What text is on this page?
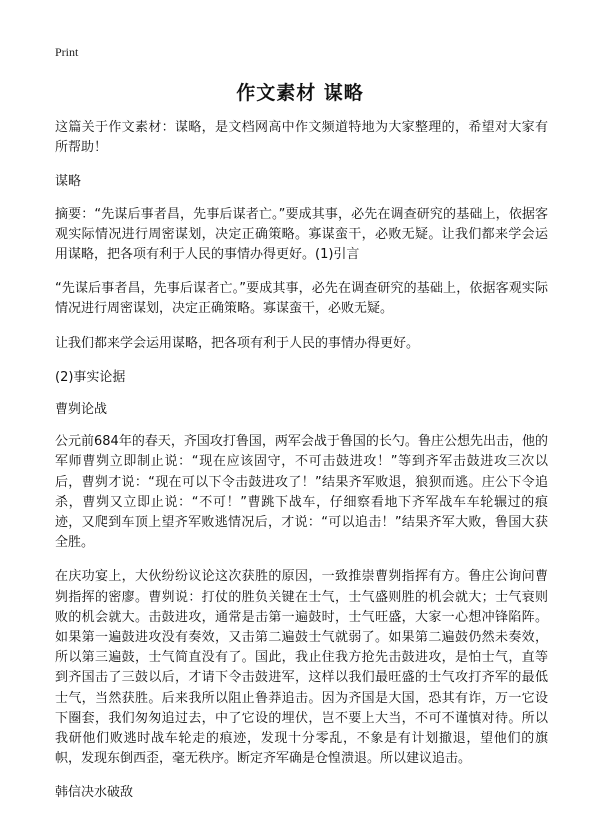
Print
作文素材 谋略

这篇关于作文素材：谋略，是文档网高中作文频道特地为大家整理的，希望对大家有所帮助！

谋略

摘要：“先谋后事者昌，先事后谋者亡。”要成其事，必先在调查研究的基础上，依据客观实际情况进行周密谋划，决定正确策略。寡谋蛮干，必败无疑。让我们都来学会运用谋略，把各项有利于人民的事情办得更好。(1)引言

“先谋后事者昌，先事后谋者亡。”要成其事，必先在调查研究的基础上，依据客观实际情况进行周密谋划，决定正确策略。寡谋蛮干，必败无疑。

让我们都来学会运用谋略，把各项有利于人民的事情办得更好。

(2)事实论据

曹刿论战

公元前684年的春天，齐国攻打鲁国，两军会战于鲁国的长勺。鲁庄公想先出击，他的军师曹刿立即制止说：“现在应该固守，不可击鼓进攻！”等到齐军击鼓进攻三次以后，曹刿才说：“现在可以下令击鼓进攻了！”结果齐军败退，狼狈而逃。庄公下令追杀，曹刿又立即止说：“不可！”曹跳下战车，仔细察看地下齐军战车车轮辗过的痕迹，又爬到车顶上望齐军败逃情况后，才说：“可以追击！”结果齐军大败，鲁国大获全胜。

在庆功宴上，大伙纷纷议论这次获胜的原因，一致推崇曹刿指挥有方。鲁庄公询问曹刿指挥的密廖。曹刿说：打仗的胜负关键在士气，士气盛则胜的机会就大；士气衰则败的机会就大。击鼓进攻，通常是击第一遍鼓时，士气旺盛，大家一心想冲锋陷阵。如果第一遍鼓进攻没有奏效，又击第二遍鼓士气就弱了。如果第二遍鼓仍然未奏效，所以第三遍鼓，士气简直没有了。国此，我止住我方抢先击鼓进攻，是怕士气，直等到齐国击了三鼓以后，才请下令击鼓进军，这样以我们最旺盛的士气攻打齐军的最低士气，当然获胜。后来我所以阻止鲁莽追击。因为齐国是大国，恐其有诈，万一它设下圈套，我们匆匆追过去，中了它设的埋伏，岂不要上大当，不可不谨慎对待。所以我研他们败逃时战车轮走的痕迹，发现十分零乱，不象是有计划撤退，望他们的旗帜，发现东倒西歪，毫无秩序。断定齐军确是仓惶溃退。所以建议追击。

韩信决水破敌
